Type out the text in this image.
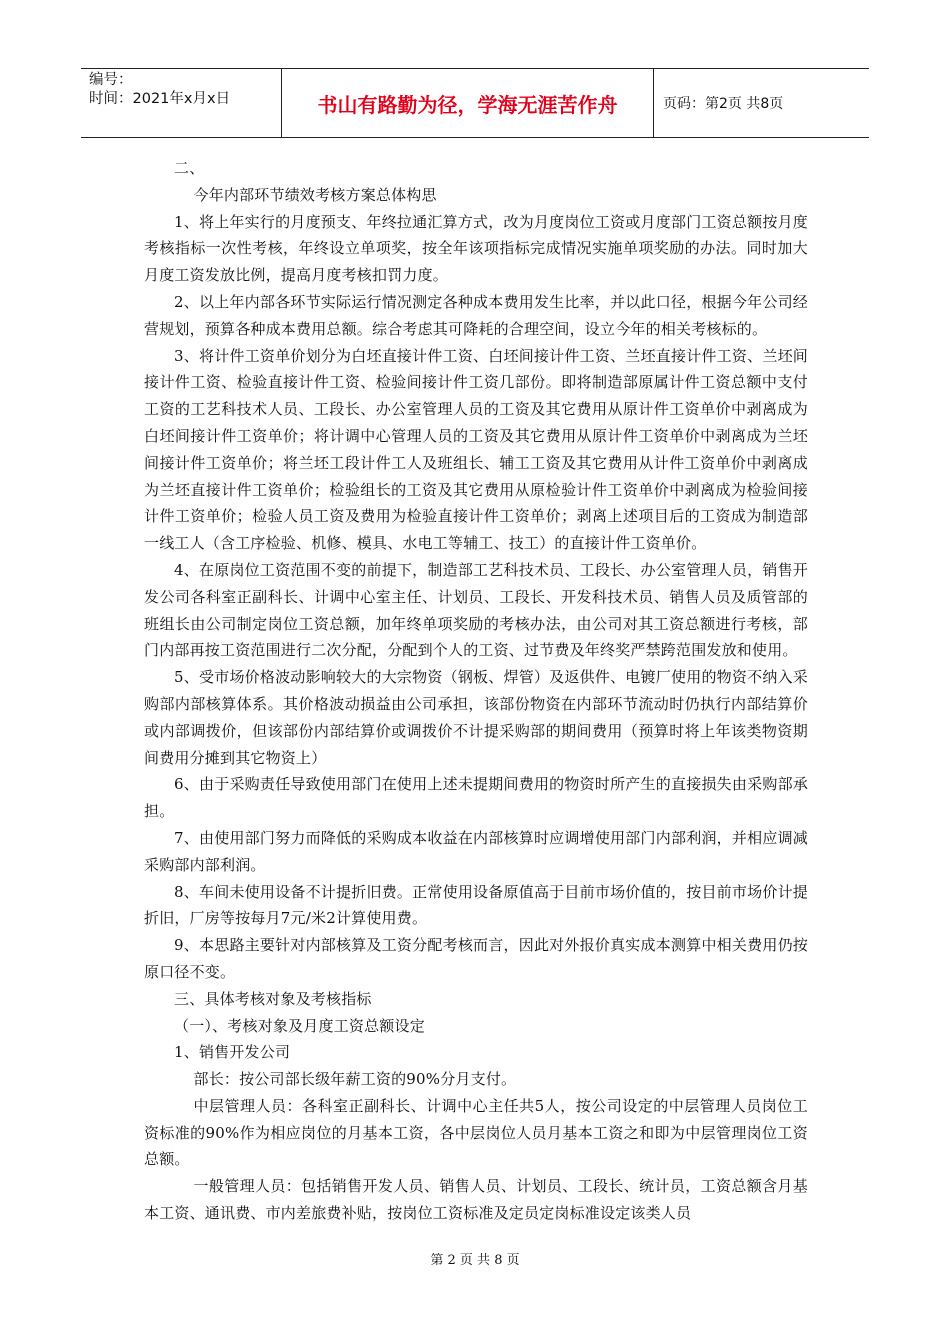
编号：
时间：2021年x月x日	书山有路勤为径，学海无涯苦作舟	页码：第2页 共8页

二、

今年内部环节绩效考核方案总体构思

1、将上年实行的月度预支、年终拉通汇算方式，改为月度岗位工资或月度部门工资总额按月度考核指标一次性考核，年终设立单项奖，按全年该项指标完成情况实施单项奖励的办法。同时加大月度工资发放比例，提高月度考核扣罚力度。

2、以上年内部各环节实际运行情况测定各种成本费用发生比率，并以此口径，根据今年公司经营规划，预算各种成本费用总额。综合考虑其可降耗的合理空间，设立今年的相关考核标的。

3、将计件工资单价划分为白坯直接计件工资、白坯间接计件工资、兰坯直接计件工资、兰坯间接计件工资、检验直接计件工资、检验间接计件工资几部份。即将制造部原属计件工资总额中支付工资的工艺科技术人员、工段长、办公室管理人员的工资及其它费用从原计件工资单价中剥离成为白坯间接计件工资单价；将计调中心管理人员的工资及其它费用从原计件工资单价中剥离成为兰坯间接计件工资单价；将兰坯工段计件工人及班组长、辅工工资及其它费用从计件工资单价中剥离成为兰坯直接计件工资单价；检验组长的工资及其它费用从原检验计件工资单价中剥离成为检验间接计件工资单价；检验人员工资及费用为检验直接计件工资单价；剥离上述项目后的工资成为制造部一线工人（含工序检验、机修、模具、水电工等辅工、技工）的直接计件工资单价。

4、在原岗位工资范围不变的前提下，制造部工艺科技术员、工段长、办公室管理人员，销售开发公司各科室正副科长、计调中心室主任、计划员、工段长、开发科技术员、销售人员及质管部的班组长由公司制定岗位工资总额，加年终单项奖励的考核办法，由公司对其工资总额进行考核，部门内部再按工资范围进行二次分配，分配到个人的工资、过节费及年终奖严禁跨范围发放和使用。

5、受市场价格波动影响较大的大宗物资（钢板、焊管）及返供件、电镀厂使用的物资不纳入采购部内部核算体系。其价格波动损益由公司承担，该部份物资在内部环节流动时仍执行内部结算价或内部调拨价，但该部份内部结算价或调拨价不计提采购部的期间费用（预算时将上年该类物资期间费用分摊到其它物资上）

6、由于采购责任导致使用部门在使用上述未提期间费用的物资时所产生的直接损失由采购部承担。

7、由使用部门努力而降低的采购成本收益在内部核算时应调增使用部门内部利润，并相应调减采购部内部利润。

8、车间未使用设备不计提折旧费。正常使用设备原值高于目前市场价值的，按目前市场价计提折旧，厂房等按每月7元/米2计算使用费。

9、本思路主要针对内部核算及工资分配考核而言，因此对外报价真实成本测算中相关费用仍按原口径不变。

三、具体考核对象及考核指标

（一）、考核对象及月度工资总额设定

1、销售开发公司

部长：按公司部长级年薪工资的90%分月支付。

中层管理人员：各科室正副科长、计调中心主任共5人，按公司设定的中层管理人员岗位工资标准的90%作为相应岗位的月基本工资，各中层岗位人员月基本工资之和即为中层管理岗位工资总额。

一般管理人员：包括销售开发人员、销售人员、计划员、工段长、统计员，工资总额含月基本工资、通讯费、市内差旅费补贴，按岗位工资标准及定员定岗标准设定该类人员

第 2 页 共 8 页
